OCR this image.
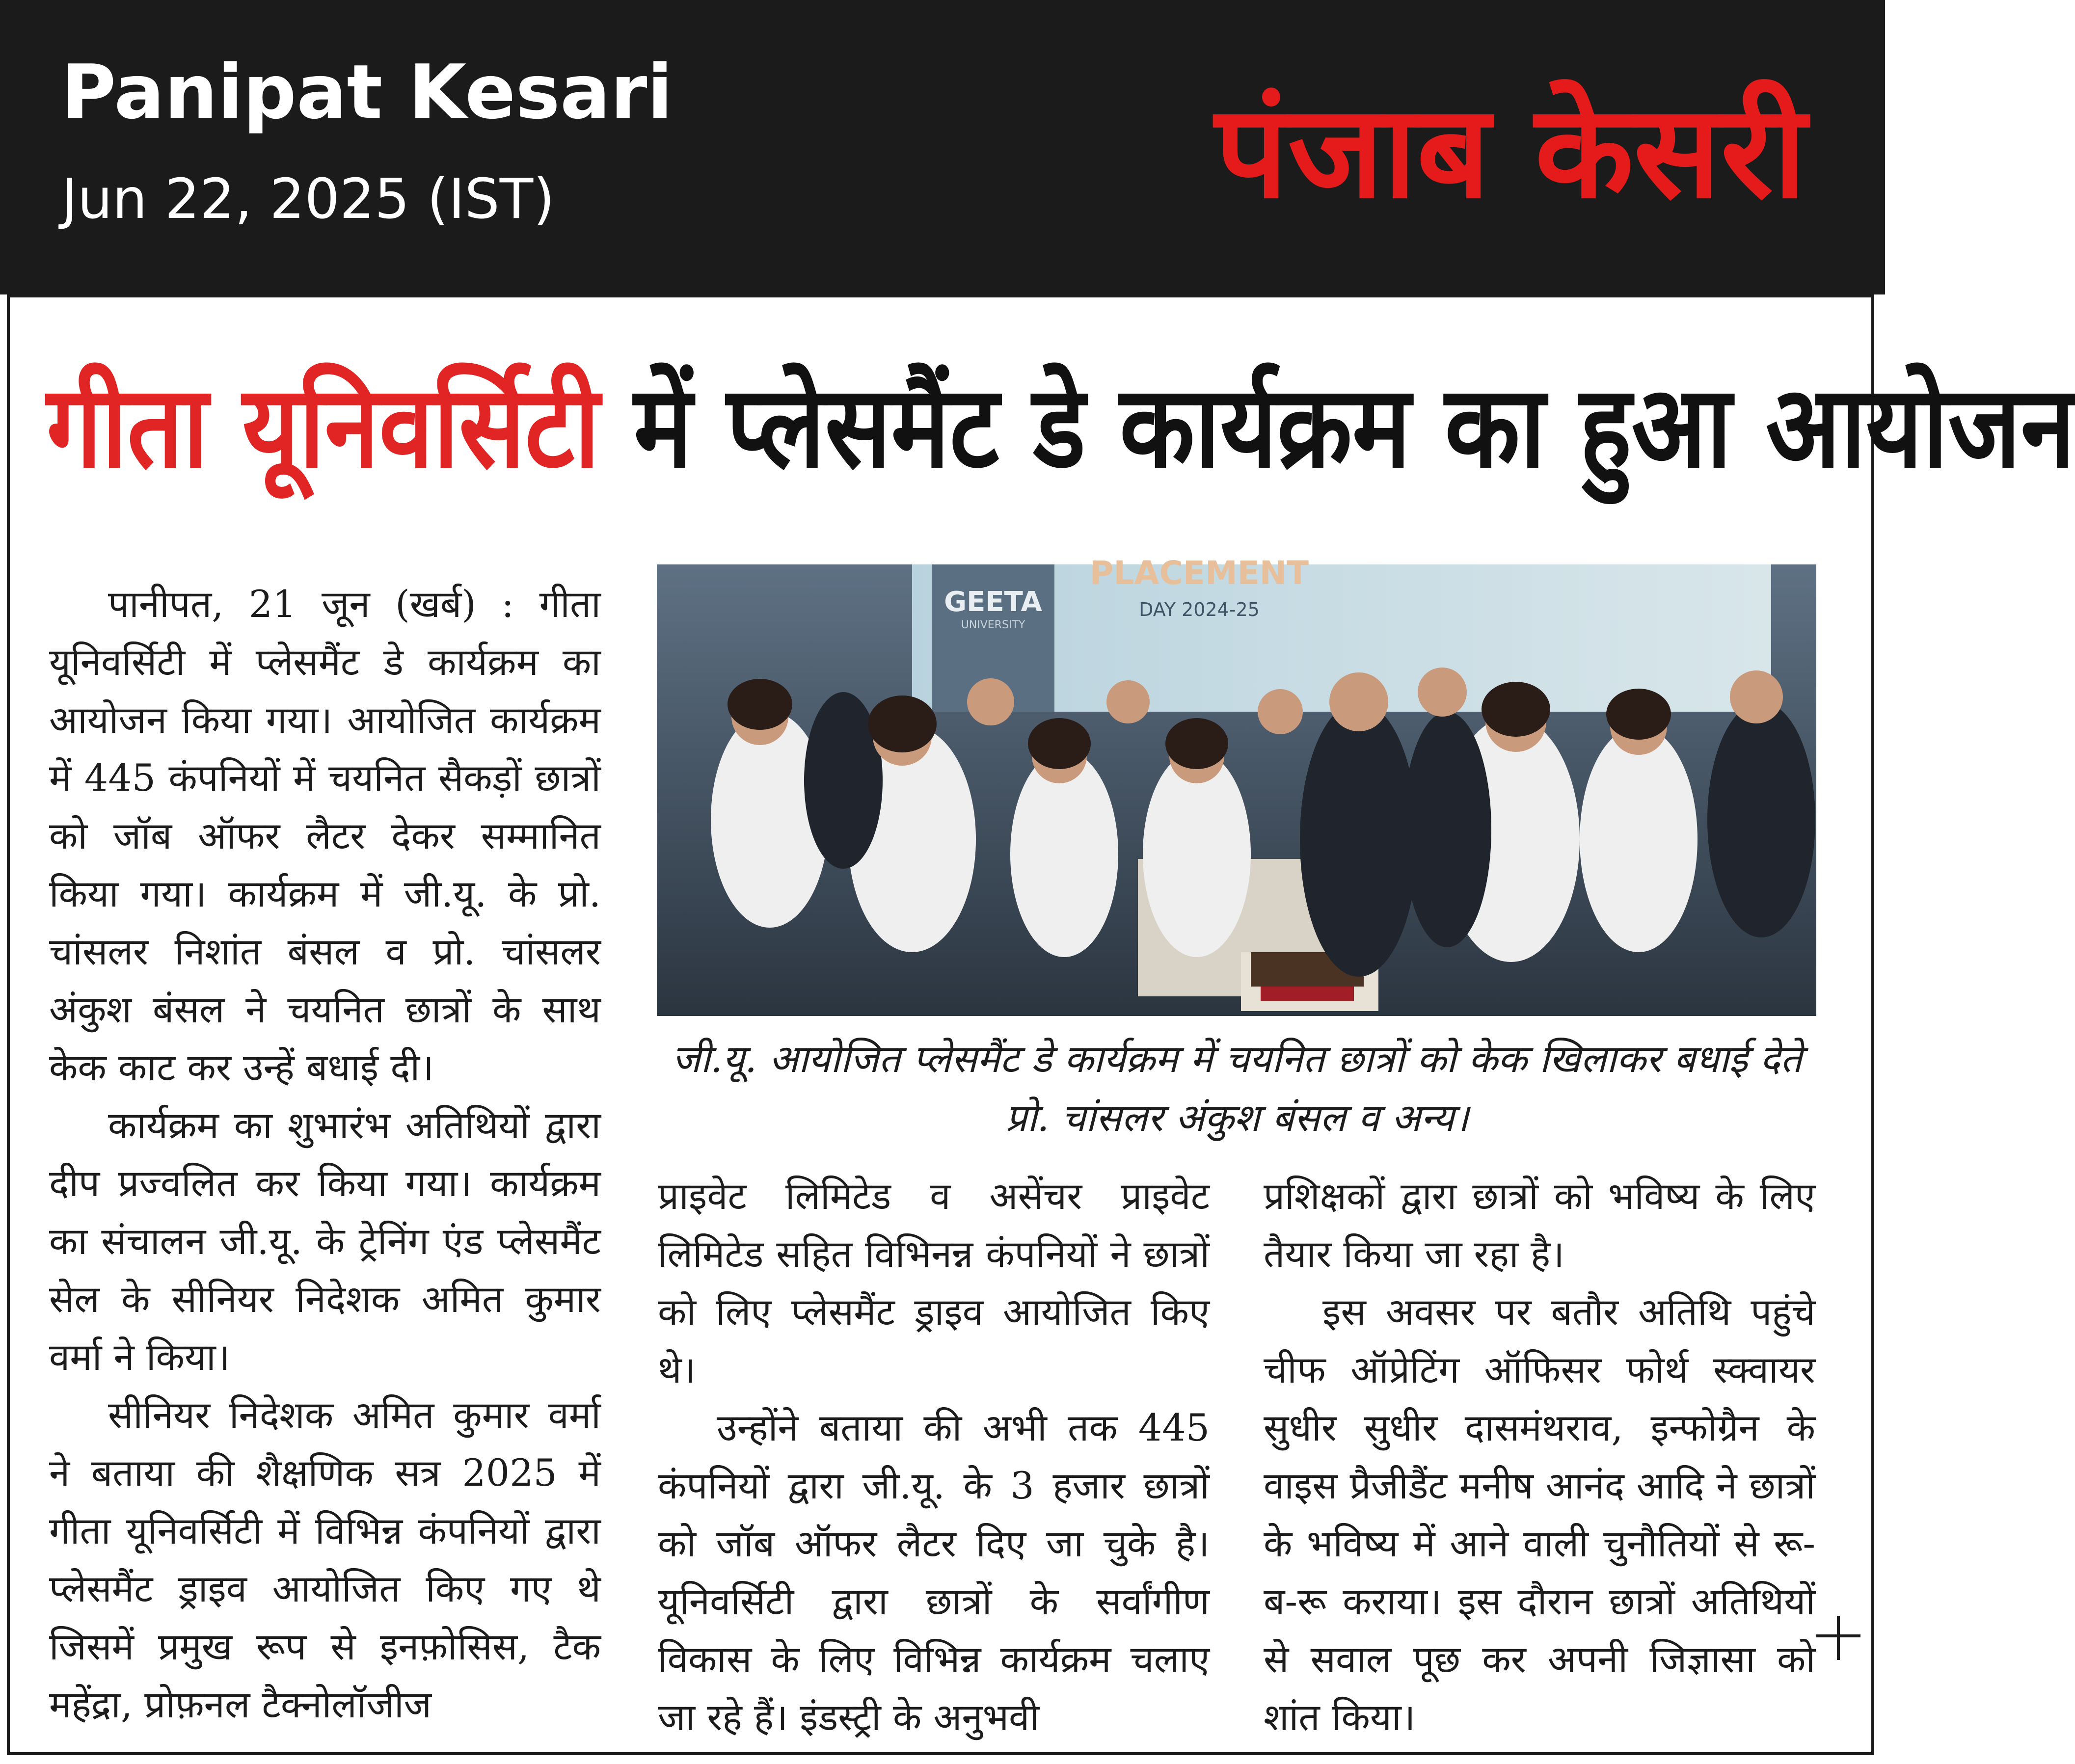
Panipat Kesari
Jun 22, 2025 (IST)	पंजाब केसरी
गीता यूनिवर्सिटी में प्लेसमैंट डे कार्यक्रम का हुआ आयोजन

पानीपत, 21 जून (खर्ब) : गीता यूनिवर्सिटी में प्लेसमैंट डे कार्यक्रम का आयोजन किया गया। आयोजित कार्यक्रम में 445 कंपनियों में चयनित सैकड़ों छात्रों को जॉब ऑफर लैटर देकर सम्मानित किया गया। कार्यक्रम में जी.यू. के प्रो. चांसलर निशांत बंसल व प्रो. चांसलर अंकुश बंसल ने चयनित छात्रों के साथ केक काट कर उन्हें बधाई दी।

कार्यक्रम का शुभारंभ अतिथियों द्वारा दीप प्रज्वलित कर किया गया। कार्यक्रम का संचालन जी.यू. के ट्रेनिंग एंड प्लेसमैंट सेल के सीनियर निदेशक अमित कुमार वर्मा ने किया।

सीनियर निदेशक अमित कुमार वर्मा ने बताया की शैक्षणिक सत्र 2025 में गीता यूनिवर्सिटी में विभिन्न कंपनियों द्वारा प्लेसमैंट ड्राइव आयोजित किए गए थे जिसमें प्रमुख रूप से इनफ़ोसिस, टैक महेंद्रा, प्रोफ़नल टैक्नोलॉजीज

GEETA
UNIVERSITY
PLACEMENT
DAY 2024-25
जी.यू. आयोजित प्लेसमैंट डे कार्यक्रम में चयनित छात्रों को केक खिलाकर बधाई देते प्रो. चांसलर अंकुश बंसल व अन्य।

प्राइवेट लिमिटेड व असेंचर प्राइवेट लिमिटेड सहित विभिनन्न कंपनियों ने छात्रों को लिए प्लेसमैंट ड्राइव आयोजित किए थे।

उन्होंने बताया की अभी तक 445 कंपनियों द्वारा जी.यू. के 3 हजार छात्रों को जॉब ऑफर लैटर दिए जा चुके है। यूनिवर्सिटी द्वारा छात्रों के सर्वांगीण विकास के लिए विभिन्न कार्यक्रम चलाए जा रहे हैं। इंडस्ट्री के अनुभवी

प्रशिक्षकों द्वारा छात्रों को भविष्य के लिए तैयार किया जा रहा है।

इस अवसर पर बतौर अतिथि पहुंचे चीफ ऑप्रेटिंग ऑफिसर फोर्थ स्क्वायर सुधीर सुधीर दासमंथराव, इन्फोग्रैन के वाइस प्रैजीडैंट मनीष आनंद आदि ने छात्रों के भविष्य में आने वाली चुनौतियों से रू-ब-रू कराया। इस दौरान छात्रों अतिथियों से सवाल पूछ कर अपनी जिज्ञासा को शांत किया।
